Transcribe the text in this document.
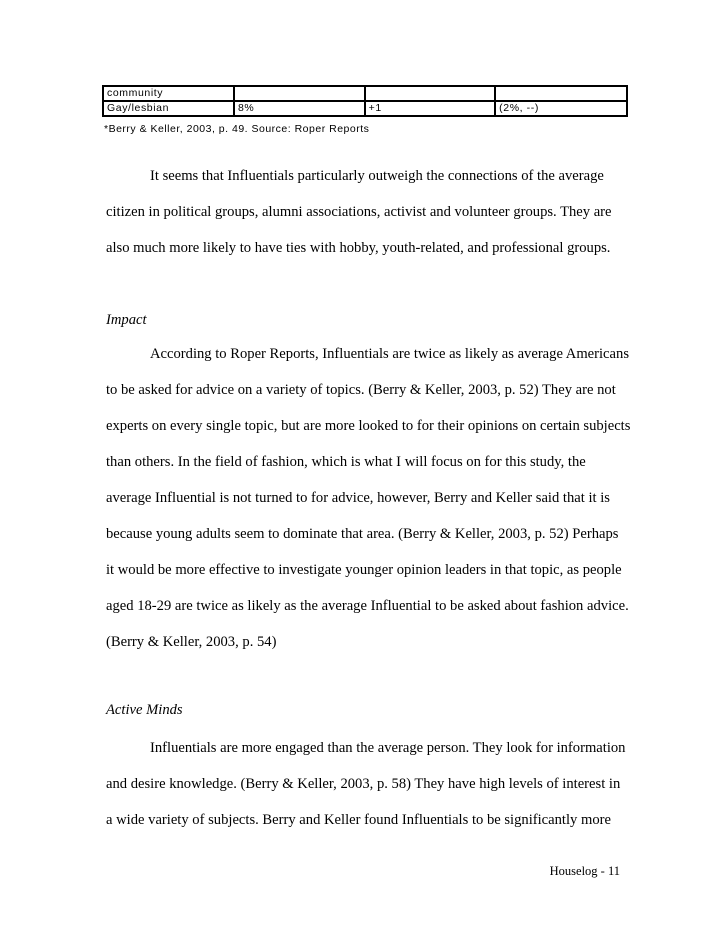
community			
Gay/lesbian	8%	+1	(2%, --)
*Berry & Keller, 2003, p. 49. Source: Roper Reports

It seems that Influentials particularly outweigh the connections of the average
citizen in political groups, alumni associations, activist and volunteer groups. They are
also much more likely to have ties with hobby, youth-related, and professional groups.

Impact

According to Roper Reports, Influentials are twice as likely as average Americans
to be asked for advice on a variety of topics. (Berry & Keller, 2003, p. 52) They are not
experts on every single topic, but are more looked to for their opinions on certain subjects
than others. In the field of fashion, which is what I will focus on for this study, the
average Influential is not turned to for advice, however, Berry and Keller said that it is
because young adults seem to dominate that area. (Berry & Keller, 2003, p. 52) Perhaps
it would be more effective to investigate younger opinion leaders in that topic, as people
aged 18-29 are twice as likely as the average Influential to be asked about fashion advice.
(Berry & Keller, 2003, p. 54)

Active Minds

Influentials are more engaged than the average person. They look for information
and desire knowledge. (Berry & Keller, 2003, p. 58) They have high levels of interest in
a wide variety of subjects. Berry and Keller found Influentials to be significantly more

Houselog - 11
